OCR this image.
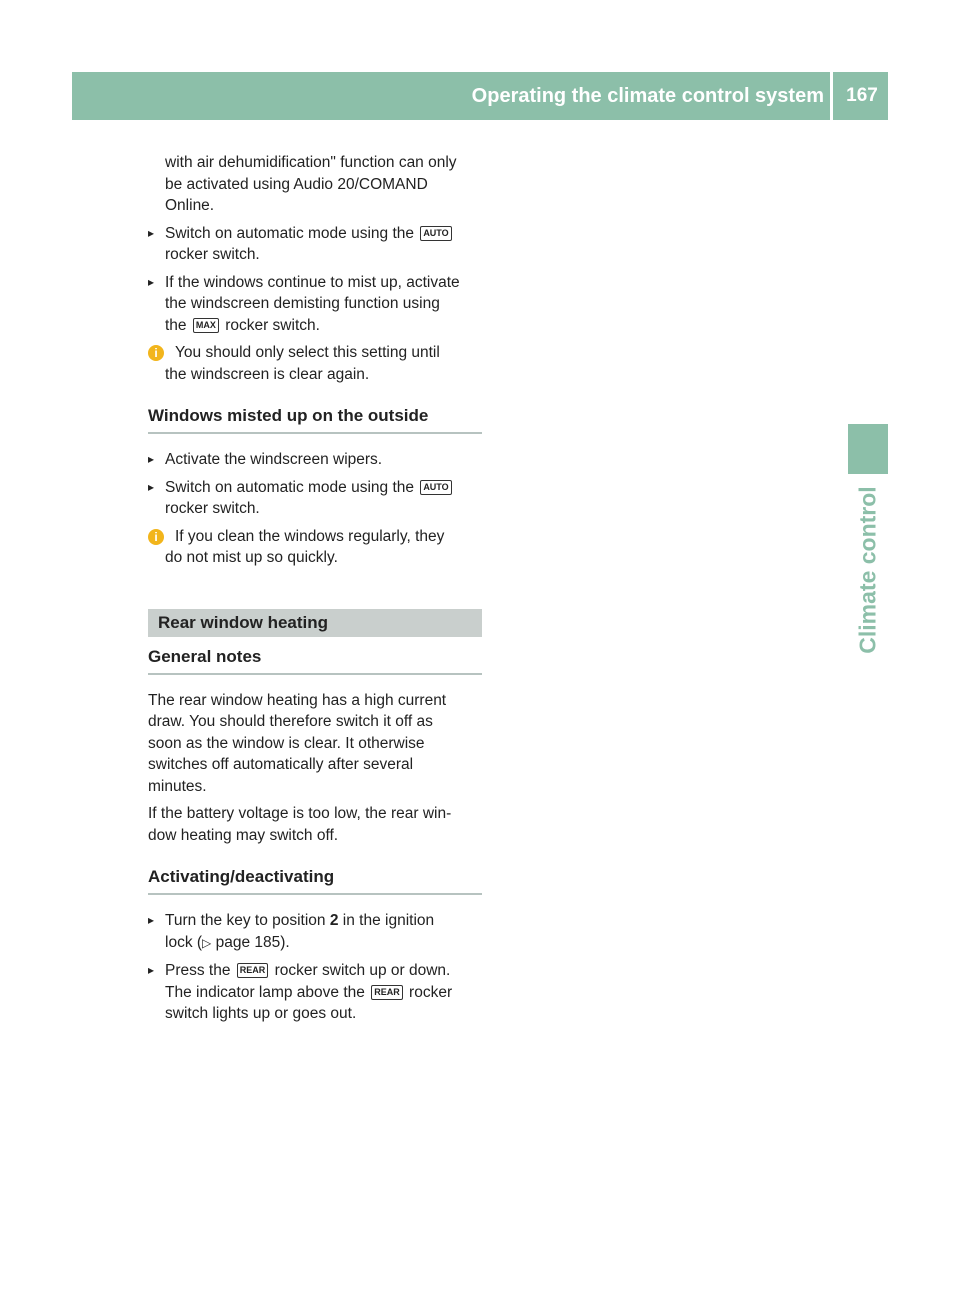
Operating the climate control system	167
Climate control

with air dehumidification" function can only

be activated using Audio 20/COMAND

Online.

▸ Switch on automatic mode using the AUTO
rocker switch.
▸ If the windows continue to mist up, activate
the windscreen demisting function using
the MAX rocker switch.
i	You should only select this setting until
the windscreen is clear again.
Windows misted up on the outside
▸ Activate the windscreen wipers.
▸ Switch on automatic mode using the AUTO
rocker switch.
i	If you clean the windows regularly, they
do not mist up so quickly.
Rear window heating
General notes

The rear window heating has a high current

draw. You should therefore switch it off as

soon as the window is clear. It otherwise

switches off automatically after several

minutes.

If the battery voltage is too low, the rear win-

dow heating may switch off.

Activating/deactivating
▸ Turn the key to position 2 in the ignition
lock (▷ page 185).
▸ Press the REAR rocker switch up or down.
The indicator lamp above the REAR rocker
switch lights up or goes out.
